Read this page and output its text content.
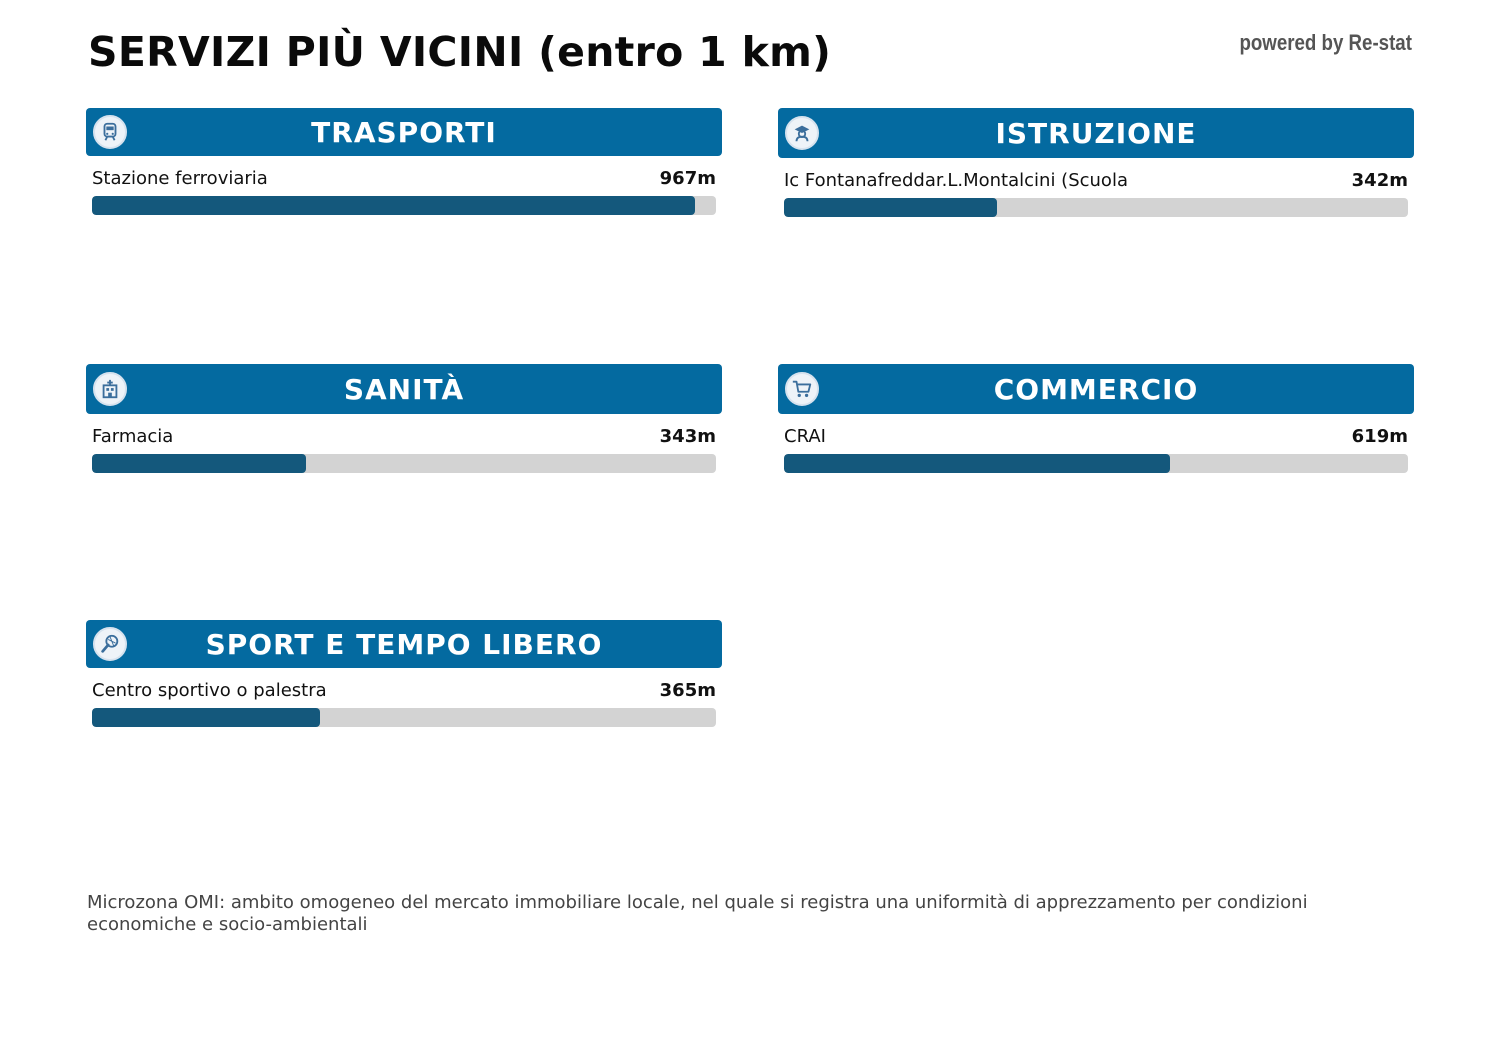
SERVIZI PIÙ VICINI (entro 1 km)	powered by Re-stat
TRASPORTI
Stazione ferroviaria	967m
ISTRUZIONE
Ic Fontanafreddar.L.Montalcini (Scuola	342m
SANITÀ
Farmacia	343m
COMMERCIO
CRAI	619m
SPORT E TEMPO LIBERO
Centro sportivo o palestra	365m

Microzona OMI: ambito omogeneo del mercato immobiliare locale, nel quale si registra una uniformità di apprezzamento per condizioni economiche e socio-ambientali
